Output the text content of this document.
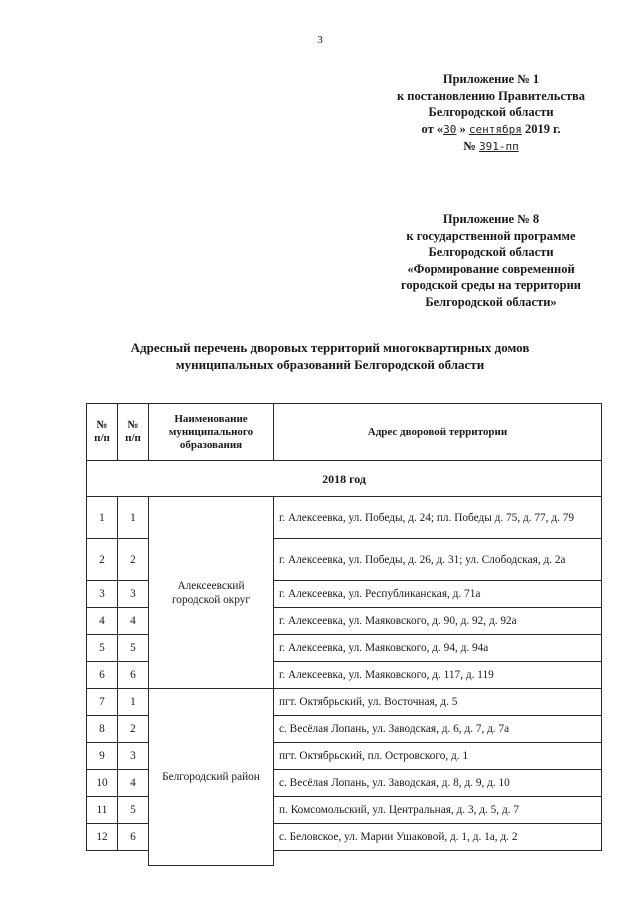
3
Приложение № 1
к постановлению Правительства
Белгородской области
от «30 » сентября 2019 г.
№ 391-пп
Приложение № 8
к государственной программе
Белгородской области
«Формирование современной
городской среды на территории
Белгородской области»
Адресный перечень дворовых территорий многоквартирных домов
муниципальных образований Белгородской области
№ п/п	№ п/п	Наименование муниципального образования	Адрес дворовой территории
2018 год			
1	1	Алексеевский городской округ	г. Алексеевка, ул. Победы, д. 24; пл. Победы д. 75, д. 77, д. 79
2	2		г. Алексеевка, ул. Победы, д. 26, д. 31; ул. Слободская, д. 2а
3	3		г. Алексеевка, ул. Республиканская, д. 71а
4	4		г. Алексеевка, ул. Маяковского, д. 90, д. 92, д. 92а
5	5		г. Алексеевка, ул. Маяковского, д. 94, д. 94а
6	6		г. Алексеевка, ул. Маяковского, д. 117, д. 119
7	1	Белгородский район	пгт. Октябрьский, ул. Восточная, д. 5
8	2		с. Весёлая Лопань, ул. Заводская, д. 6, д. 7, д. 7а
9	3		пгт. Октябрьский, пл. Островского, д. 1
10	4		с. Весёлая Лопань, ул. Заводская, д. 8, д. 9, д. 10
11	5		п. Комсомольский, ул. Центральная, д. 3, д. 5, д. 7
12	6		с. Беловское, ул. Марии Ушаковой, д. 1, д. 1а, д. 2
